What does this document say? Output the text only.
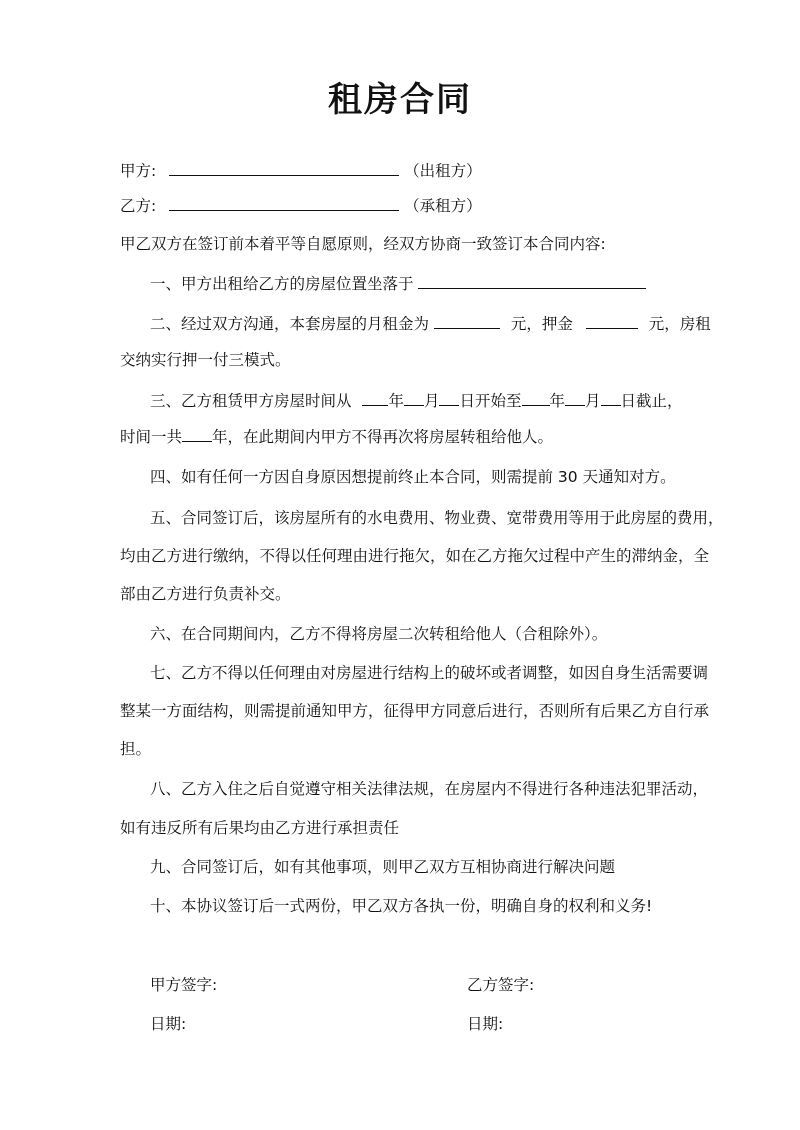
租房合同
甲方:	（出租方）
乙方:	（承租方）
甲乙双方在签订前本着平等自愿原则，经双方协商一致签订本合同内容:
一、甲方出租给乙方的房屋位置坐落于
二、经过双方沟通，本套房屋的月租金为	元，押金	元，房租
交纳实行押一付三模式。
三、乙方租赁甲方房屋时间从 年 月 日开始至 年 月 日截止，
时间一共 年，在此期间内甲方不得再次将房屋转租给他人。
四、如有任何一方因自身原因想提前终止本合同，则需提前 30 天通知对方。
五、合同签订后，该房屋所有的水电费用、物业费、宽带费用等用于此房屋的费用，
均由乙方进行缴纳，不得以任何理由进行拖欠，如在乙方拖欠过程中产生的滞纳金，全
部由乙方进行负责补交。
六、在合同期间内，乙方不得将房屋二次转租给他人（合租除外）。
七、乙方不得以任何理由对房屋进行结构上的破坏或者调整，如因自身生活需要调
整某一方面结构，则需提前通知甲方，征得甲方同意后进行，否则所有后果乙方自行承
担。
八、乙方入住之后自觉遵守相关法律法规，在房屋内不得进行各种违法犯罪活动，
如有违反所有后果均由乙方进行承担责任
九、合同签订后，如有其他事项，则甲乙双方互相协商进行解决问题
十、本协议签订后一式两份，甲乙双方各执一份，明确自身的权利和义务!
甲方签字:	乙方签字:
日期:	日期:
